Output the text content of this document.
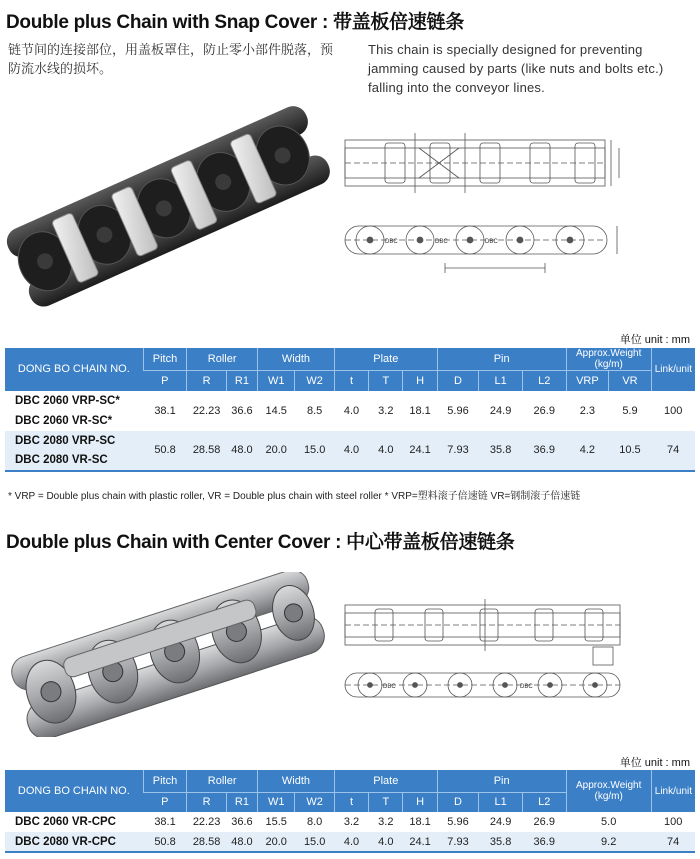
Double plus Chain with Snap Cover : 带盖板倍速链条
链节间的连接部位，用盖板罩住，防止零小部件脱落，预防流水线的损坏。
This chain is specially designed for preventing jamming caused by parts (like nuts and bolts etc.) falling into the conveyor lines.
DBC	DBC	DBC
单位 unit : mm
DONG BO CHAIN NO.	Pitch	Roller		Width		Plate			Pin			Approx.Weight (kg/m)		Link/unit
	P	R	R1	W1	W2	t	T	H	D	L1	L2	VRP	VR	
DBC 2060 VRP-SC*	38.1	22.23	36.6	14.5	8.5	4.0	3.2	18.1	5.96	24.9	26.9	2.3	5.9	100
DBC 2060 VR-SC*														
DBC 2080 VRP-SC	50.8	28.58	48.0	20.0	15.0	4.0	4.0	24.1	7.93	35.8	36.9	4.2	10.5	74
DBC 2080 VR-SC														
* VRP = Double plus chain with plastic roller, VR = Double plus chain with steel roller * VRP=塑料滚子倍速链 VR=钢制滚子倍速链
Double plus Chain with Center Cover : 中心带盖板倍速链条
DBC	DBC
单位 unit : mm
DONG BO CHAIN NO.	Pitch	Roller		Width		Plate			Pin			Approx.Weight (kg/m)	Link/unit
	P	R	R1	W1	W2	t	T	H	D	L1	L2		
DBC 2060 VR-CPC	38.1	22.23	36.6	15.5	8.0	3.2	3.2	18.1	5.96	24.9	26.9	5.0	100
DBC 2080 VR-CPC	50.8	28.58	48.0	20.0	15.0	4.0	4.0	24.1	7.93	35.8	36.9	9.2	74
